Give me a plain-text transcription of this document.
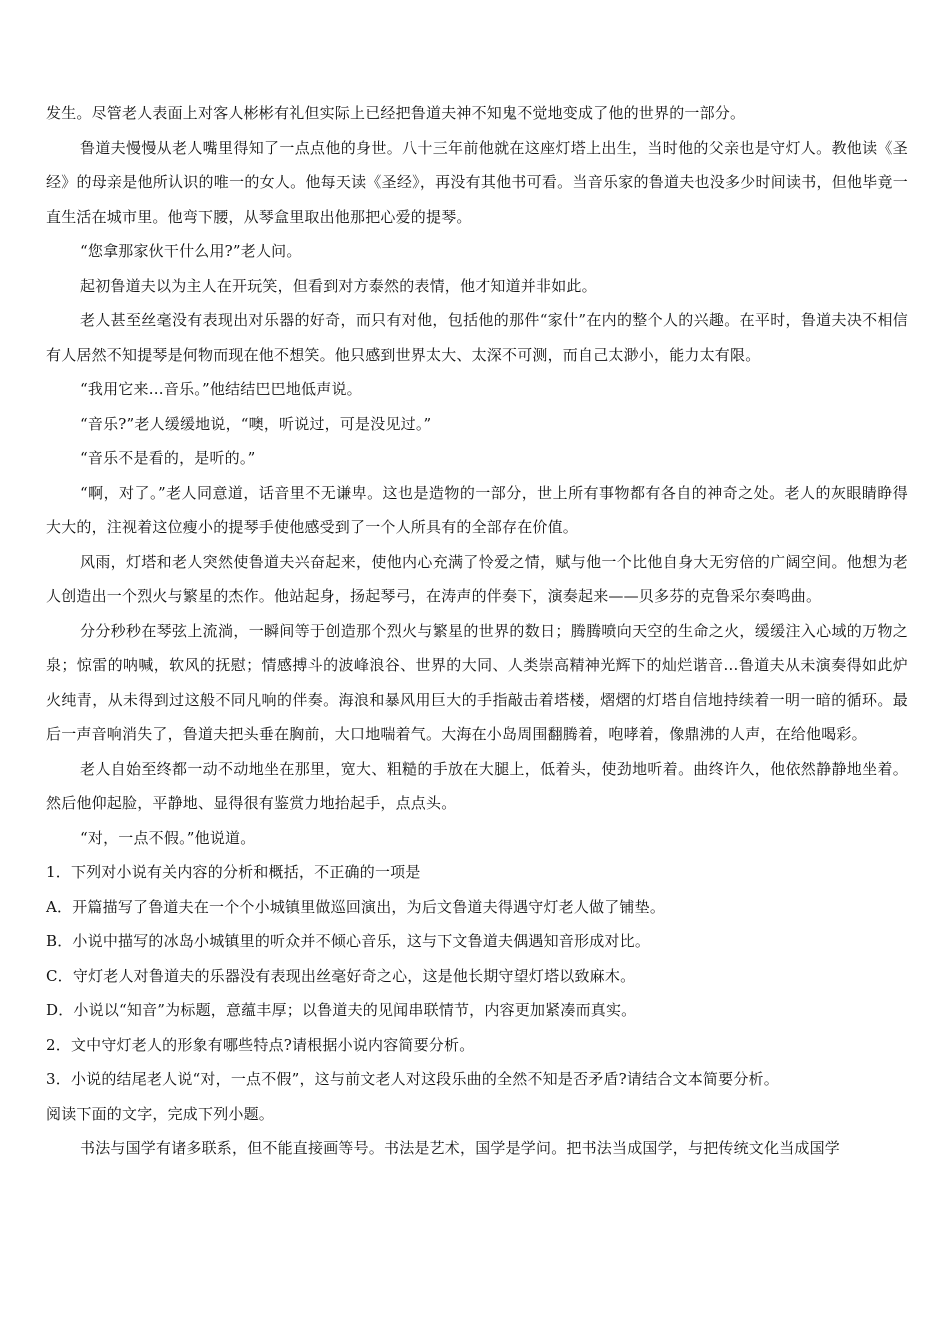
发生。尽管老人表面上对客人彬彬有礼但实际上已经把鲁道夫神不知鬼不觉地变成了他的世界的一部分。

鲁道夫慢慢从老人嘴里得知了一点点他的身世。八十三年前他就在这座灯塔上出生，当时他的父亲也是守灯人。教他读《圣经》的母亲是他所认识的唯一的女人。他每天读《圣经》，再没有其他书可看。当音乐家的鲁道夫也没多少时间读书，但他毕竟一直生活在城市里。他弯下腰，从琴盒里取出他那把心爱的提琴。

“您拿那家伙干什么用?”老人问。

起初鲁道夫以为主人在开玩笑，但看到对方泰然的表情，他才知道并非如此。

老人甚至丝毫没有表现出对乐器的好奇，而只有对他，包括他的那件“家什”在内的整个人的兴趣。在平时，鲁道夫决不相信有人居然不知提琴是何物而现在他不想笑。他只感到世界太大、太深不可测，而自己太渺小，能力太有限。

“我用它来…音乐。”他结结巴巴地低声说。

“音乐?”老人缓缓地说，“噢，听说过，可是没见过。”

“音乐不是看的，是听的。”

“啊，对了。”老人同意道，话音里不无谦卑。这也是造物的一部分，世上所有事物都有各自的神奇之处。老人的灰眼睛睁得大大的，注视着这位瘦小的提琴手使他感受到了一个人所具有的全部存在价值。

风雨，灯塔和老人突然使鲁道夫兴奋起来，使他内心充满了怜爱之情，赋与他一个比他自身大无穷倍的广阔空间。他想为老人创造出一个烈火与繁星的杰作。他站起身，扬起琴弓，在涛声的伴奏下，演奏起来——贝多芬的克鲁采尔奏鸣曲。

分分秒秒在琴弦上流淌，一瞬间等于创造那个烈火与繁星的世界的数日；腾腾喷向天空的生命之火，缓缓注入心域的万物之泉；惊雷的呐喊，软风的抚慰；情感搏斗的波峰浪谷、世界的大同、人类崇高精神光辉下的灿烂谐音…鲁道夫从未演奏得如此炉火纯青，从未得到过这般不同凡响的伴奏。海浪和暴风用巨大的手指敲击着塔楼，熠熠的灯塔自信地持续着一明一暗的循环。最后一声音响消失了，鲁道夫把头垂在胸前，大口地喘着气。大海在小岛周围翻腾着，咆哮着，像鼎沸的人声，在给他喝彩。

老人自始至终都一动不动地坐在那里，宽大、粗糙的手放在大腿上，低着头，使劲地听着。曲终许久，他依然静静地坐着。然后他仰起脸，平静地、显得很有鉴赏力地抬起手，点点头。

“对，一点不假。”他说道。

1．下列对小说有关内容的分析和概括，不正确的一项是

A．开篇描写了鲁道夫在一个个小城镇里做巡回演出，为后文鲁道夫得遇守灯老人做了铺垫。

B．小说中描写的冰岛小城镇里的听众并不倾心音乐，这与下文鲁道夫偶遇知音形成对比。

C．守灯老人对鲁道夫的乐器没有表现出丝毫好奇之心，这是他长期守望灯塔以致麻木。

D．小说以“知音”为标题，意蕴丰厚；以鲁道夫的见闻串联情节，内容更加紧凑而真实。

2．文中守灯老人的形象有哪些特点?请根据小说内容简要分析。

3．小说的结尾老人说“对，一点不假”，这与前文老人对这段乐曲的全然不知是否矛盾?请结合文本简要分析。

阅读下面的文字，完成下列小题。

书法与国学有诸多联系，但不能直接画等号。书法是艺术，国学是学问。把书法当成国学，与把传统文化当成国学
